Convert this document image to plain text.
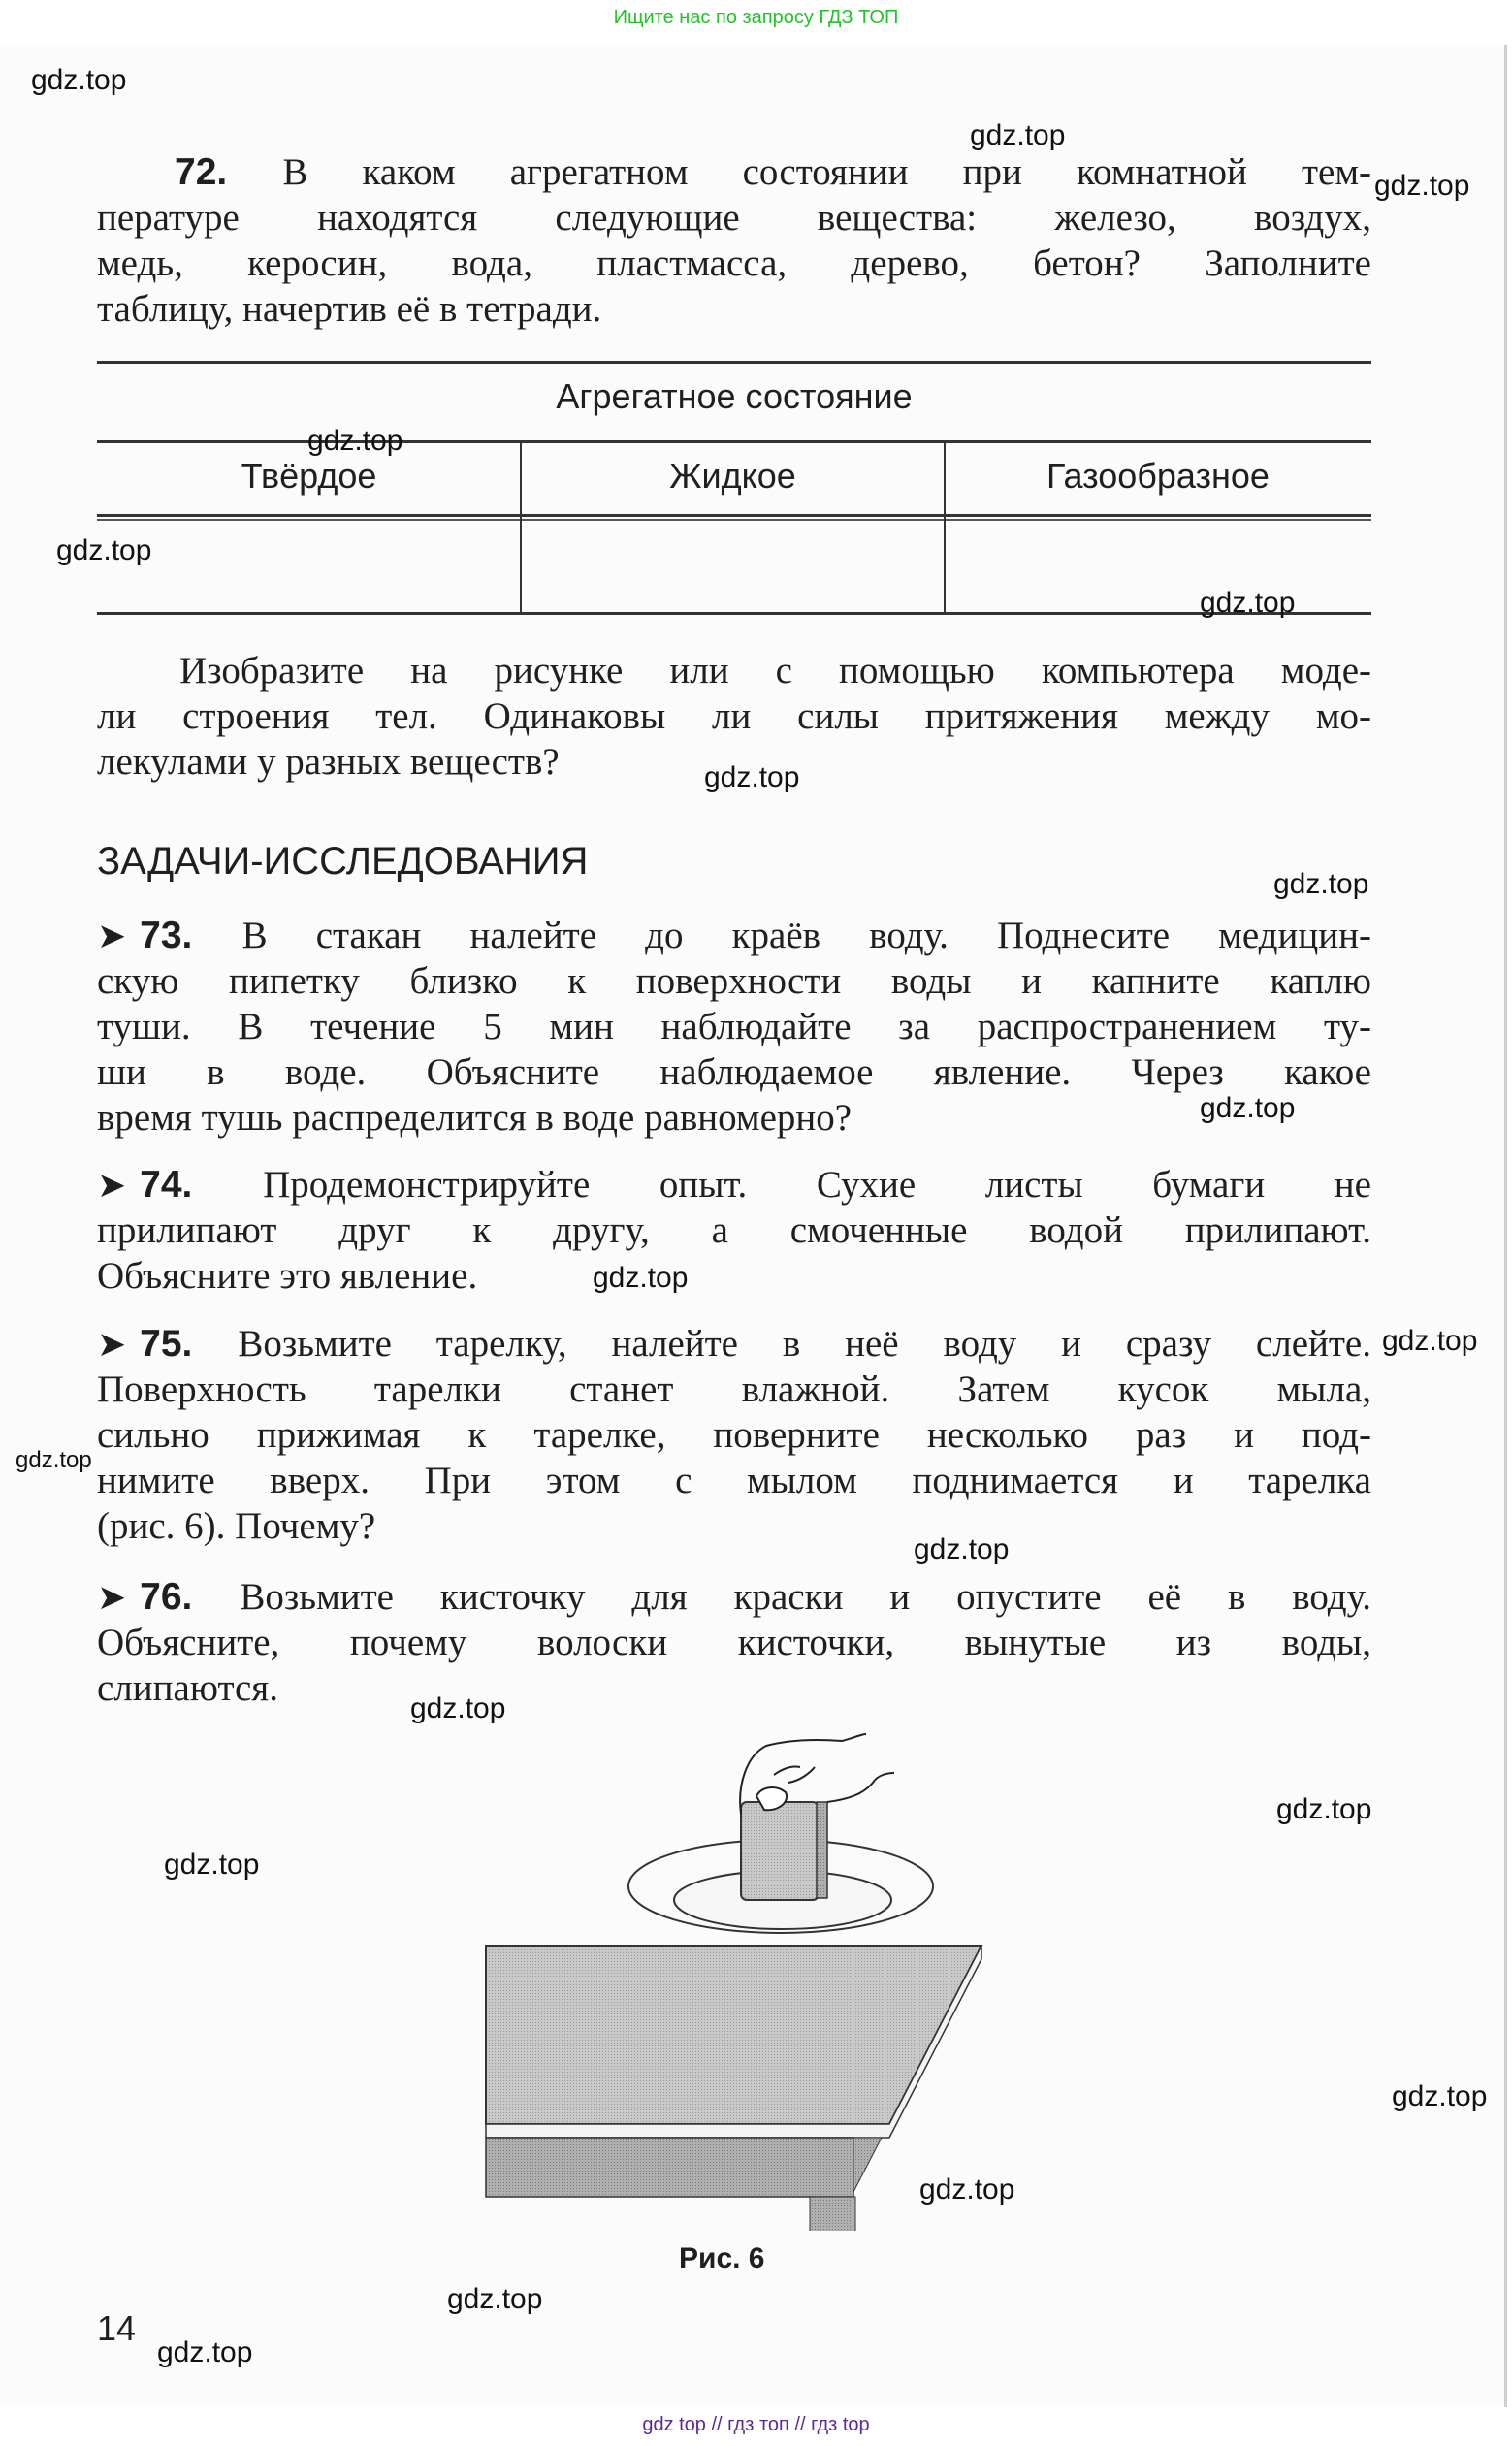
Ищите нас по запросу ГДЗ ТОП
72. В каком агрегатном состоянии при комнатной тем-
пературе находятся следующие вещества: железо, воздух,
медь, керосин, вода, пластмасса, дерево, бетон? Заполните
таблицу, начертив её в тетради.
Агрегатное состояние
Твёрдое	Жидкое	Газообразное
Изобразите на рисунке или с помощью компьютера моде-
ли строения тел. Одинаковы ли силы притяжения между мо-
лекулами у разных веществ?
ЗАДАЧИ-ИССЛЕДОВАНИЯ
➤ 73. В стакан налейте до краёв воду. Поднесите медицин-
скую пипетку близко к поверхности воды и капните каплю
туши. В течение 5 мин наблюдайте за распространением ту-
ши в воде. Объясните наблюдаемое явление. Через какое
время тушь распределится в воде равномерно?
➤ 74. Продемонстрируйте опыт. Сухие листы бумаги не
прилипают друг к другу, а смоченные водой прилипают.
Объясните это явление.
➤ 75. Возьмите тарелку, налейте в неё воду и сразу слейте.
Поверхность тарелки станет влажной. Затем кусок мыла,
сильно прижимая к тарелке, поверните несколько раз и под-
нимите вверх. При этом с мылом поднимается и тарелка
(рис. 6). Почему?
➤ 76. Возьмите кисточку для краски и опустите её в воду.
Объясните, почему волоски кисточки, вынутые из воды,
слипаются.
Рис. 6
14
gdz.top
gdz.top
gdz.top
gdz.top
gdz.top
gdz.top
gdz.top
gdz.top
gdz.top
gdz.top
gdz.top
gdz.top
gdz.top
gdz.top
gdz.top
gdz.top
gdz.top
gdz.top
gdz.top
gdz.top
gdz top // гдз топ // гдз top
